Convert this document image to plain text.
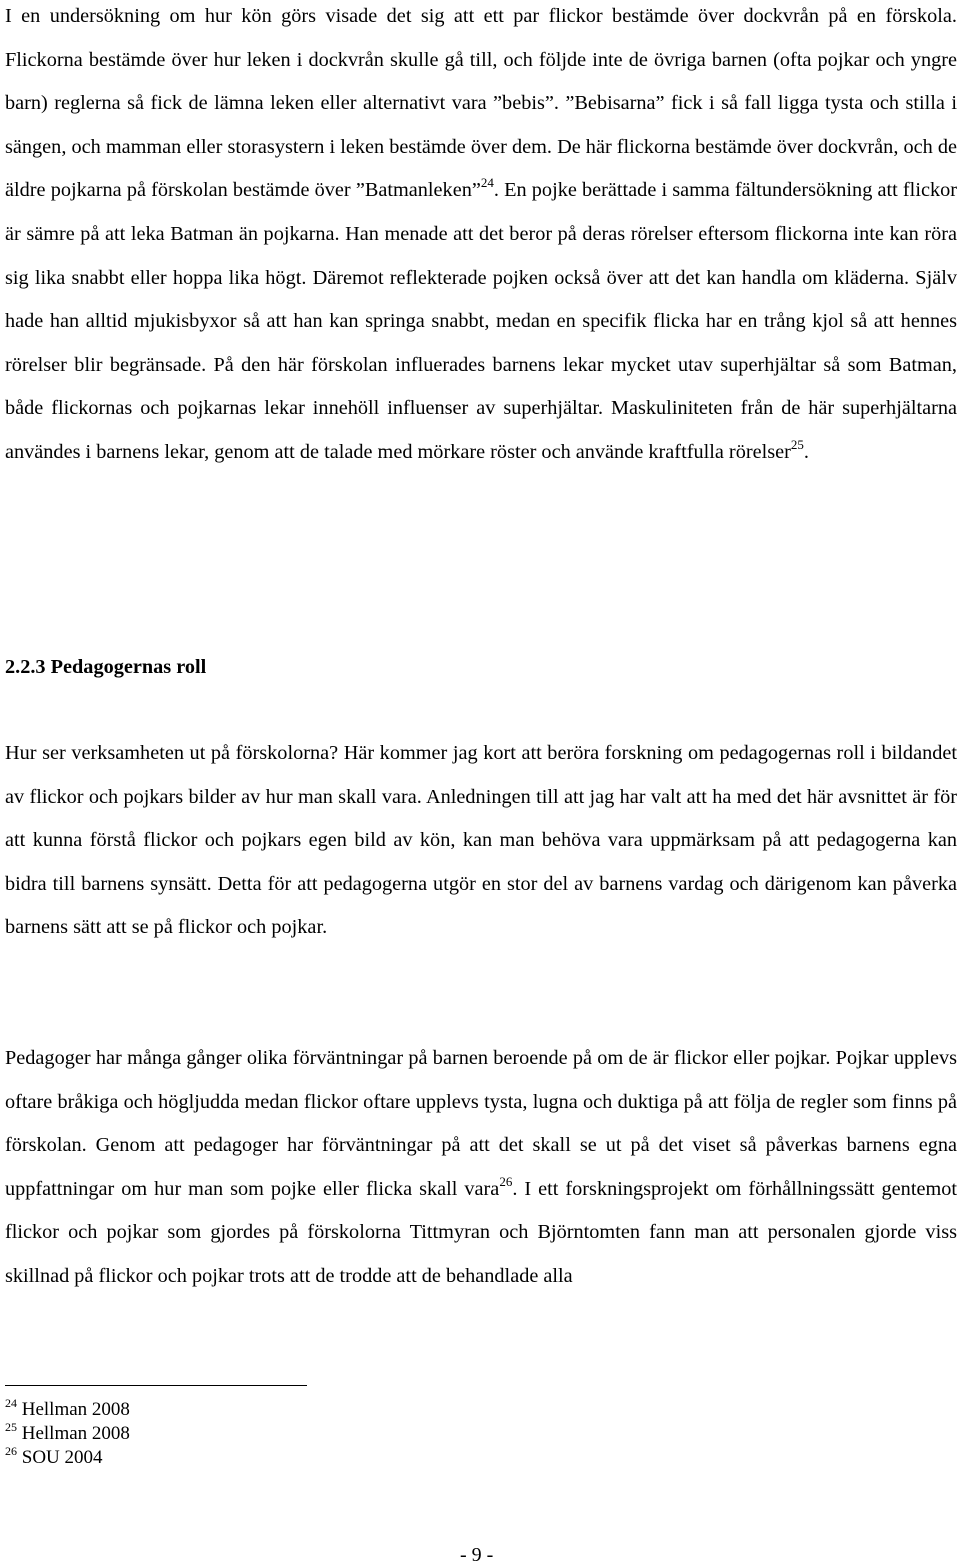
I en undersökning om hur kön görs visade det sig att ett par flickor bestämde över dockvrån på en förskola. Flickorna bestämde över hur leken i dockvrån skulle gå till, och följde inte de övriga barnen (ofta pojkar och yngre barn) reglerna så fick de lämna leken eller alternativt vara ”bebis”. ”Bebisarna” fick i så fall ligga tysta och stilla i sängen, och mamman eller storasystern i leken bestämde över dem. De här flickorna bestämde över dockvrån, och de äldre pojkarna på förskolan bestämde över ”Batmanleken”$^{24}$. En pojke berättade i samma fältundersökning att flickor är sämre på att leka Batman än pojkarna. Han menade att det beror på deras rörelser eftersom flickorna inte kan röra sig lika snabbt eller hoppa lika högt. Däremot reflekterade pojken också över att det kan handla om kläderna. Själv hade han alltid mjukisbyxor så att han kan springa snabbt, medan en specifik flicka har en trång kjol så att hennes rörelser blir begränsade. På den här förskolan influerades barnens lekar mycket utav superhjältar så som Batman, både flickornas och pojkarnas lekar innehöll influenser av superhjältar. Maskuliniteten från de här superhjältarna användes i barnens lekar, genom att de talade med mörkare röster och använde kraftfulla rörelser$^{25}$.

2.2.3 Pedagogernas roll

Hur ser verksamheten ut på förskolorna? Här kommer jag kort att beröra forskning om pedagogernas roll i bildandet av flickor och pojkars bilder av hur man skall vara. Anledningen till att jag har valt att ha med det här avsnittet är för att kunna förstå flickor och pojkars egen bild av kön, kan man behöva vara uppmärksam på att pedagogerna kan bidra till barnens synsätt. Detta för att pedagogerna utgör en stor del av barnens vardag och därigenom kan påverka barnens sätt att se på flickor och pojkar.

Pedagoger har många gånger olika förväntningar på barnen beroende på om de är flickor eller pojkar. Pojkar upplevs oftare bråkiga och högljudda medan flickor oftare upplevs tysta, lugna och duktiga på att följa de regler som finns på förskolan. Genom att pedagoger har förväntningar på att det skall se ut på det viset så påverkas barnens egna uppfattningar om hur man som pojke eller flicka skall vara$^{26}$. I ett forskningsprojekt om förhållningssätt gentemot flickor och pojkar som gjordes på förskolorna Tittmyran och Björntomten fann man att personalen gjorde viss skillnad på flickor och pojkar trots att de trodde att de behandlade alla

$^{24}$ Hellman 2008
$^{25}$ Hellman 2008
$^{26}$ SOU 2004
- 9 -
